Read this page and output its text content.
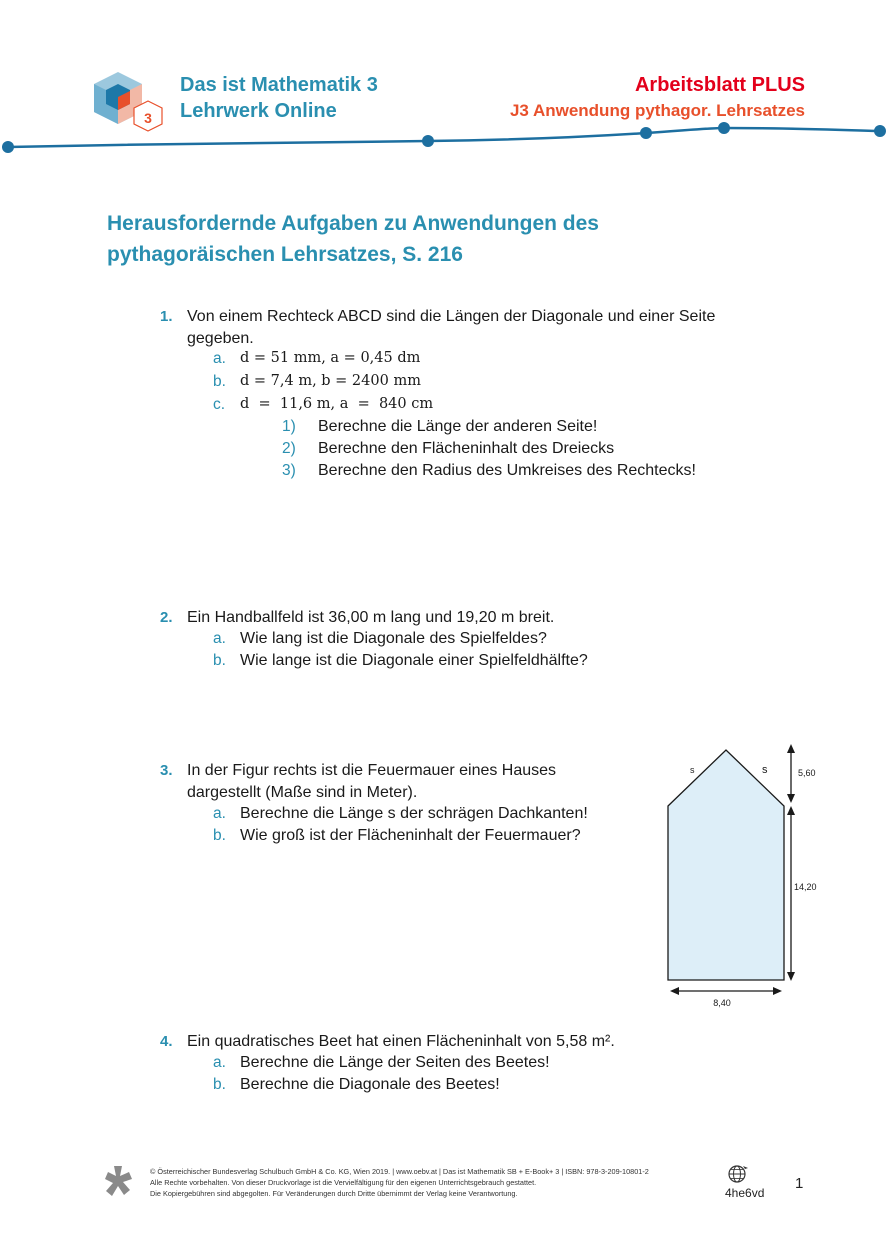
3
Das ist Mathematik 3
Lehrwerk Online
Arbeitsblatt PLUS
J3 Anwendung pythagor. Lehrsatzes
Herausfordernde Aufgaben zu Anwendungen des
pythagoräischen Lehrsatzes, S. 216
1. Von einem Rechteck ABCD sind die Längen der Diagonale und einer Seite
gegeben.
a. d = 51 mm, a = 0,45 dm
b. d = 7,4 m, b = 2400 mm
c. d  =  11,6 m, a  =  840 cm
1) Berechne die Länge der anderen Seite!
2) Berechne den Flächeninhalt des Dreiecks
3) Berechne den Radius des Umkreises des Rechtecks!
2. Ein Handballfeld ist 36,00 m lang und 19,20 m breit.
a. Wie lang ist die Diagonale des Spielfeldes?
b. Wie lange ist die Diagonale einer Spielfeldhälfte?
3. In der Figur rechts ist die Feuermauer eines Hauses
dargestellt (Maße sind in Meter).
a. Berechne die Länge s der schrägen Dachkanten!
b. Wie groß ist der Flächeninhalt der Feuermauer?
s	s	5,60
14,20
8,40
4. Ein quadratisches Beet hat einen Flächeninhalt von 5,58 m².
a. Berechne die Länge der Seiten des Beetes!
b. Berechne die Diagonale des Beetes!
© Österreichischer Bundesverlag Schulbuch GmbH & Co. KG, Wien 2019. | www.oebv.at | Das ist Mathematik SB + E-Book+ 3 | ISBN: 978-3-209-10801-2
Alle Rechte vorbehalten. Von dieser Druckvorlage ist die Vervielfältigung für den eigenen Unterrichtsgebrauch gestattet.
Die Kopiergebühren sind abgegolten. Für Veränderungen durch Dritte übernimmt der Verlag keine Verantwortung.	4he6vd
1
